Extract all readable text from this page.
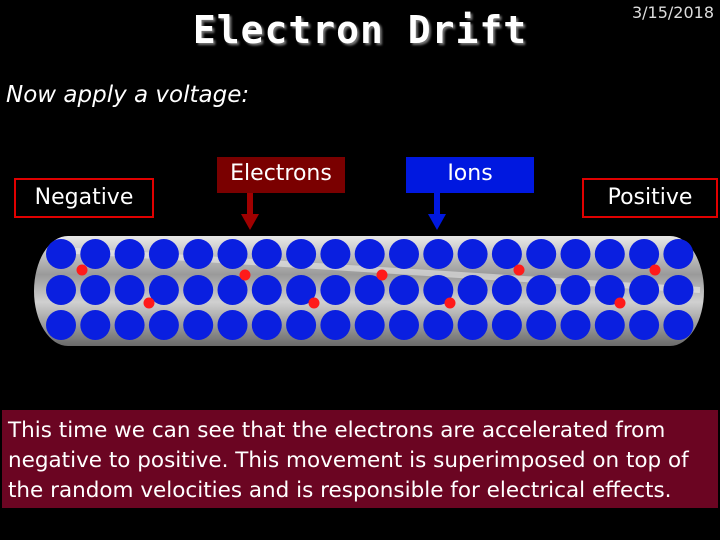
Electron Drift	3/15/2018
Now apply a voltage:
Negative	Positive
Electrons	Ions
This time we can see that the electrons are accelerated from negative to positive. This movement is superimposed on top of the random velocities and is responsible for electrical effects.
